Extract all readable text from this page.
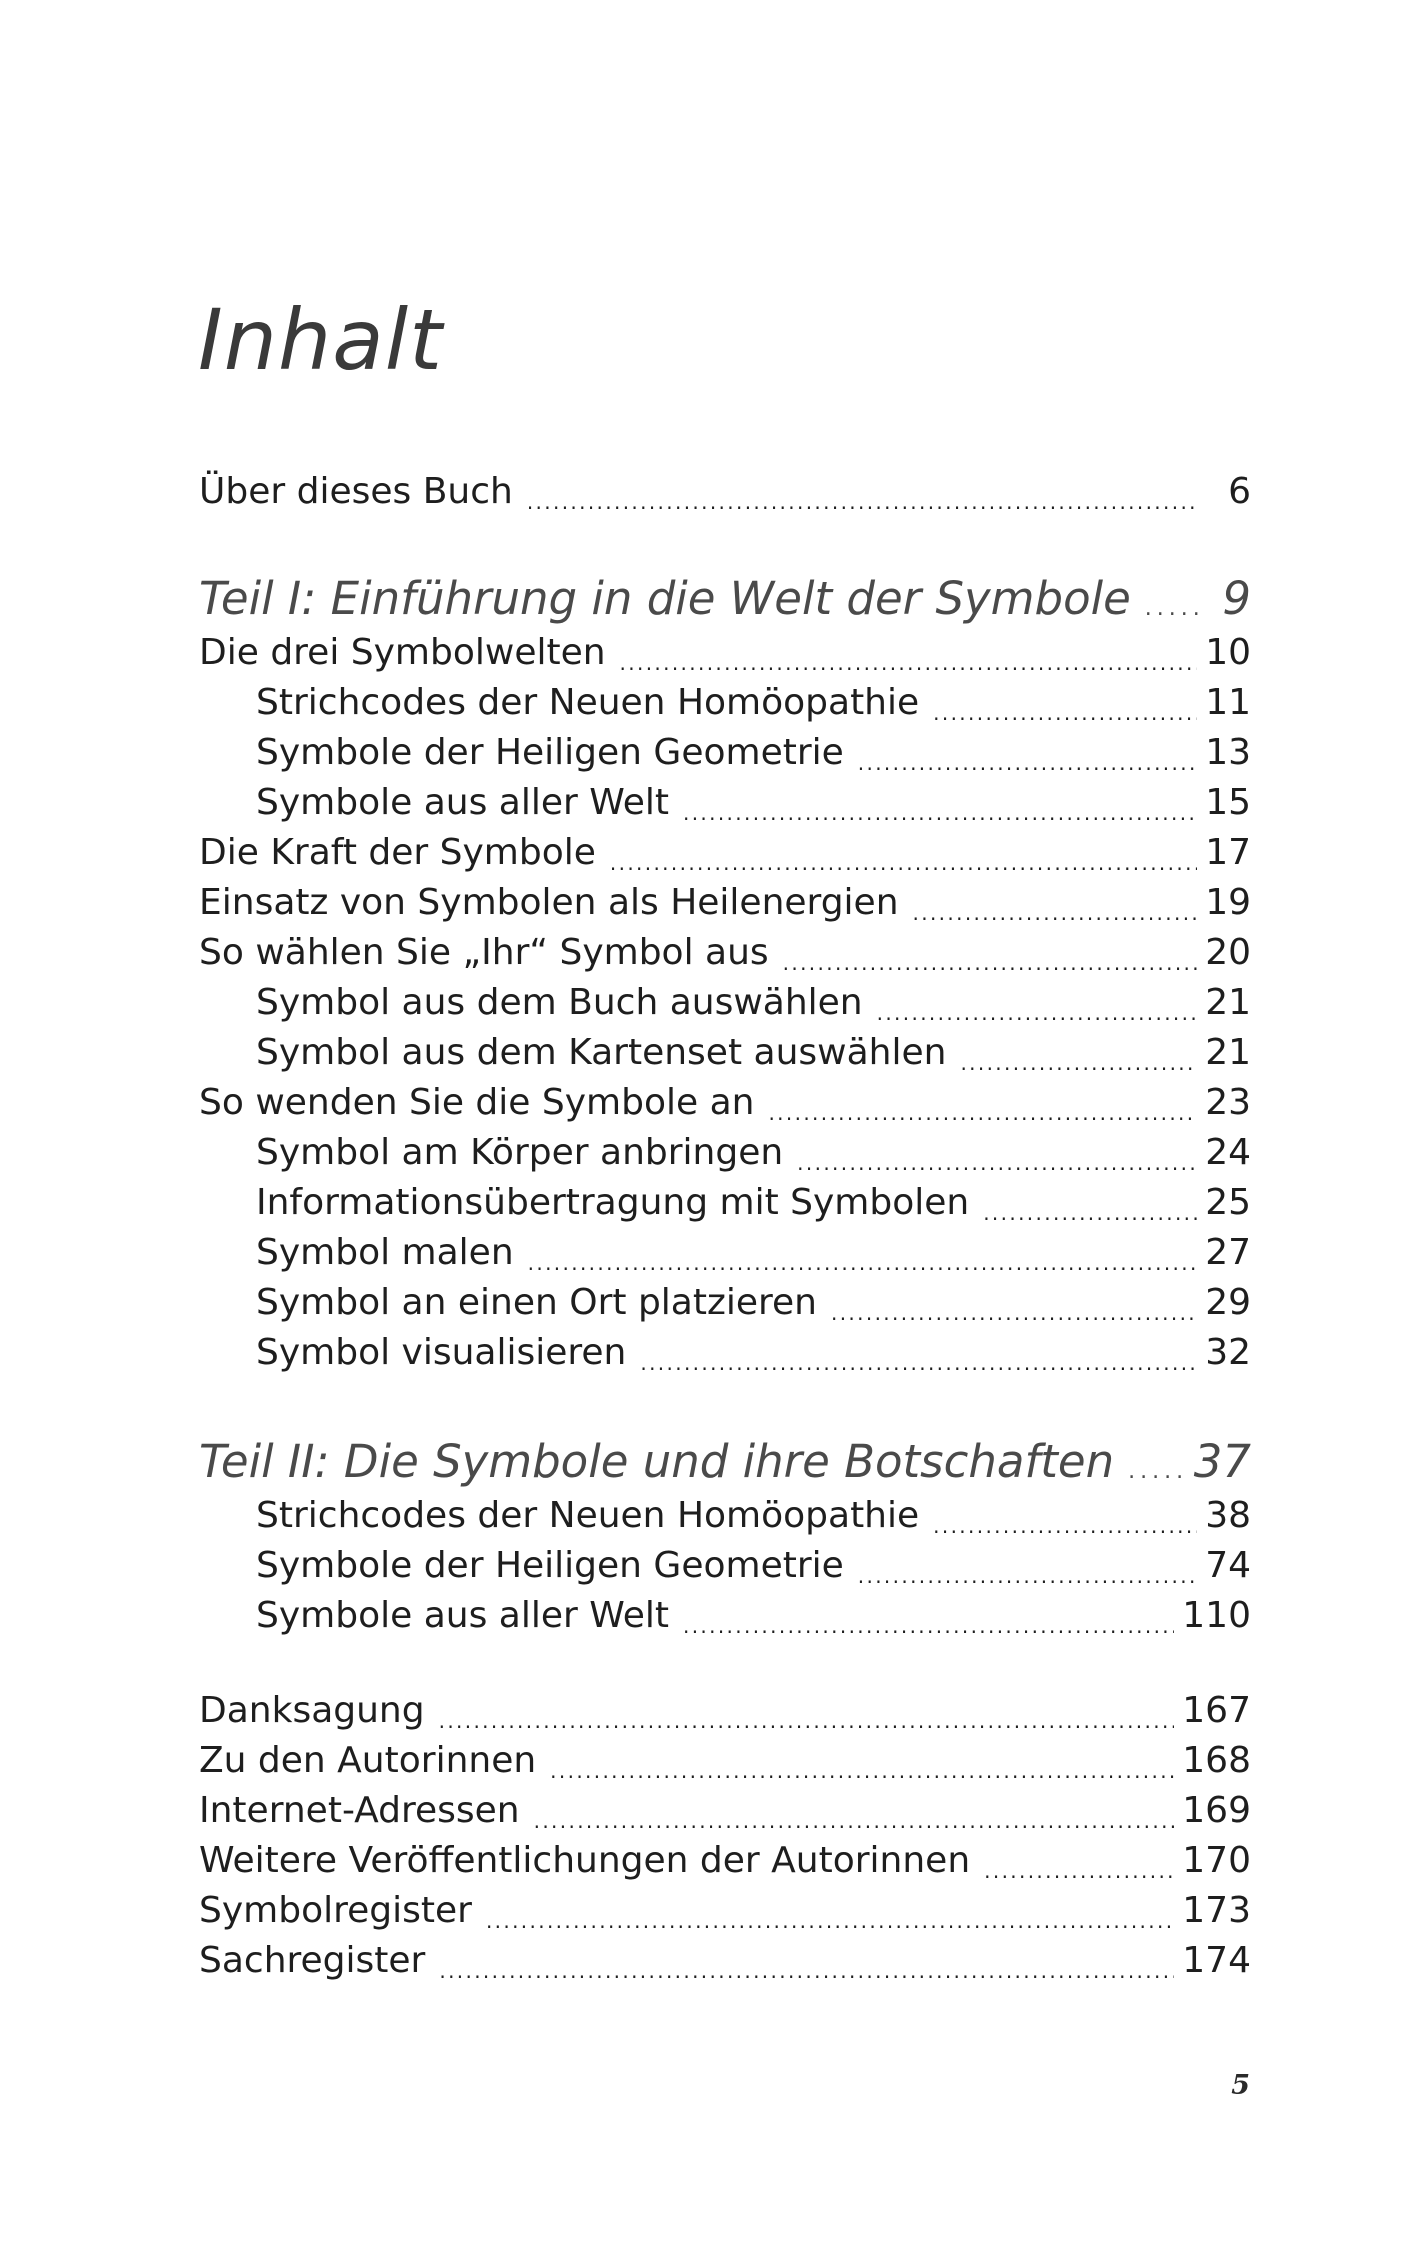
Inhalt
Über dieses Buch . . .	6
Teil I: Einführung in die Welt der Symbole . . . 9
Die drei Symbolwelten . . .	10
Strichcodes der Neuen Homöopathie . . .	11
Symbole der Heiligen Geometrie . . .	13
Symbole aus aller Welt . . .	15
Die Kraft der Symbole . . .	17
Einsatz von Symbolen als Heilenergien . . .	19
So wählen Sie „Ihr“ Symbol aus . . .	20
Symbol aus dem Buch auswählen . . .	21
Symbol aus dem Kartenset auswählen . . .	21
So wenden Sie die Symbole an . . .	23
Symbol am Körper anbringen . . .	24
Informationsübertragung mit Symbolen . . .	25
Symbol malen . . .	27
Symbol an einen Ort platzieren . . .	29
Symbol visualisieren . . .	32
Teil II: Die Symbole und ihre Botschaften . . . 37
Strichcodes der Neuen Homöopathie . . .	38
Symbole der Heiligen Geometrie . . .	74
Symbole aus aller Welt . . .	110
Danksagung . . .	167
Zu den Autorinnen . . .	168
Internet-Adressen . . .	169
Weitere Veröffentlichungen der Autorinnen . . .	170
Symbolregister . . .	173
Sachregister . . .	174
5
